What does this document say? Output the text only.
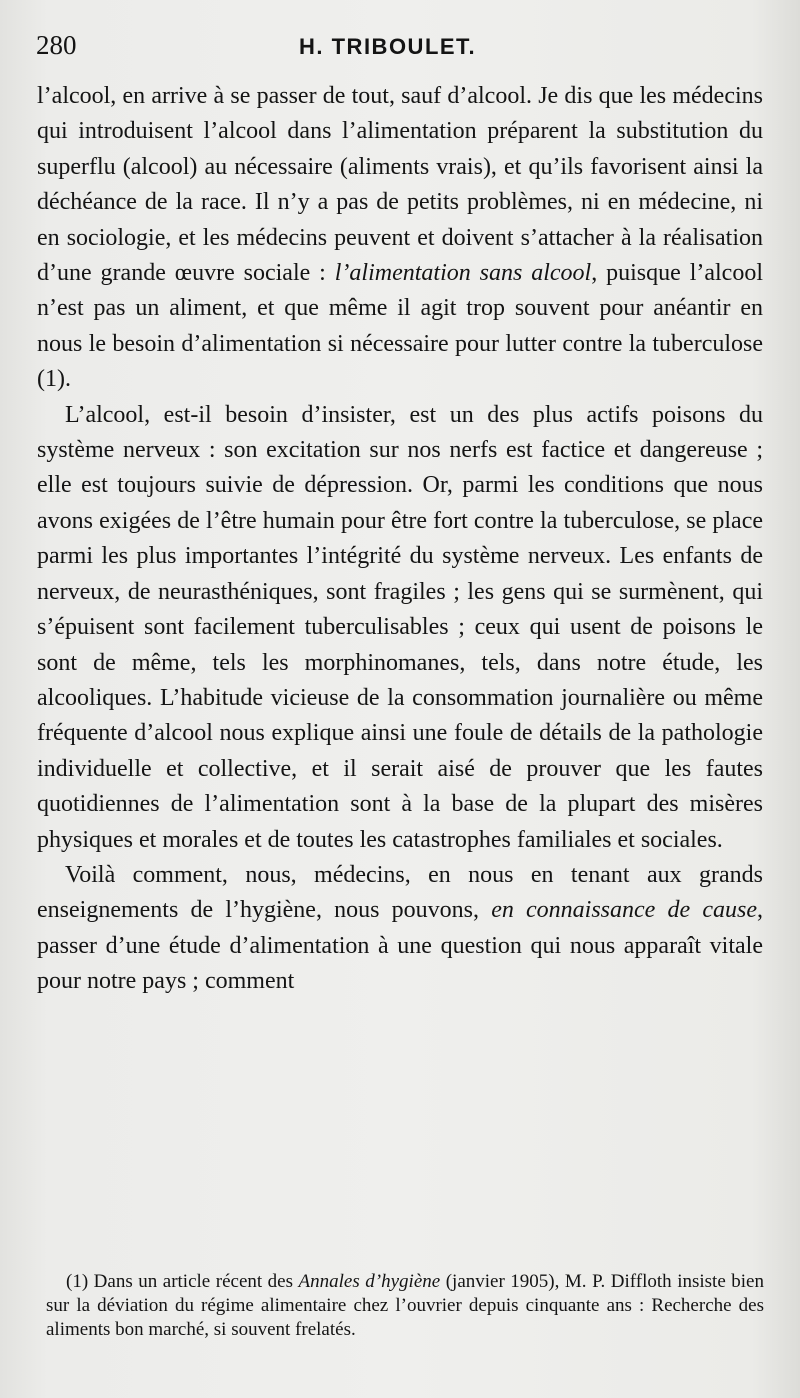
280	H. TRIBOULET.

l’alcool, en arrive à se passer de tout, sauf d’alcool. Je dis que les médecins qui introduisent l’alcool dans l’alimentation préparent la substitution du superflu (alcool) au nécessaire (aliments vrais), et qu’ils favorisent ainsi la déchéance de la race. Il n’y a pas de petits problèmes, ni en médecine, ni en sociologie, et les médecins peuvent et doivent s’attacher à la réalisation d’une grande œuvre sociale : l’alimentation sans alcool, puisque l’alcool n’est pas un aliment, et que même il agit trop souvent pour anéantir en nous le besoin d’alimentation si nécessaire pour lutter contre la tuberculose (1).

L’alcool, est-il besoin d’insister, est un des plus actifs poisons du système nerveux : son excitation sur nos nerfs est factice et dangereuse ; elle est toujours suivie de dépression. Or, parmi les conditions que nous avons exigées de l’être humain pour être fort contre la tuberculose, se place parmi les plus importantes l’intégrité du système nerveux. Les enfants de nerveux, de neurasthéniques, sont fragiles ; les gens qui se surmènent, qui s’épuisent sont facilement tuberculisables ; ceux qui usent de poisons le sont de même, tels les morphinomanes, tels, dans notre étude, les alcooliques. L’habitude vicieuse de la consommation journalière ou même fréquente d’alcool nous explique ainsi une foule de détails de la pathologie individuelle et collective, et il serait aisé de prouver que les fautes quotidiennes de l’alimentation sont à la base de la plupart des misères physiques et morales et de toutes les catastrophes familiales et sociales.

Voilà comment, nous, médecins, en nous en tenant aux grands enseignements de l’hygiène, nous pouvons, en connaissance de cause, passer d’une étude d’alimentation à une question qui nous apparaît vitale pour notre pays ; comment

(1) Dans un article récent des Annales d’hygiène (janvier 1905), M. P. Diffloth insiste bien sur la déviation du régime alimentaire chez l’ouvrier depuis cinquante ans : Recherche des aliments bon marché, si souvent frelatés.
